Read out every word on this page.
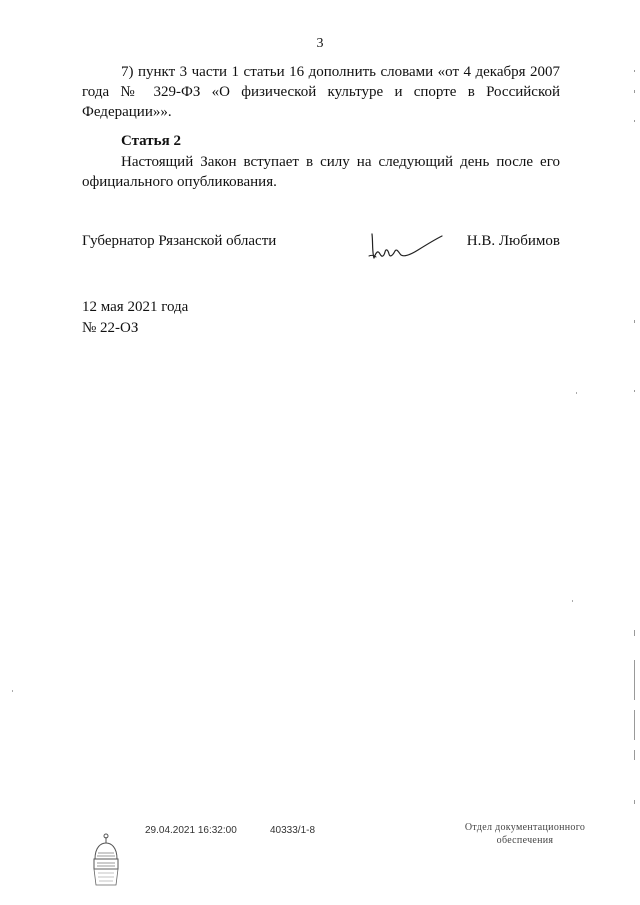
3
7) пункт 3 части 1 статьи 16 дополнить словами «от 4 декабря 2007 года № 329-ФЗ «О физической культуре и спорте в Российской Федерации»».
Статья 2
Настоящий Закон вступает в силу на следующий день после его официального опубликования.
Губернатор Рязанской области	Н.В. Любимов
12 мая 2021 года
№ 22-ОЗ
29.04.2021 16:32:00	40333/1-8	Отдел документационного
обеспечения
